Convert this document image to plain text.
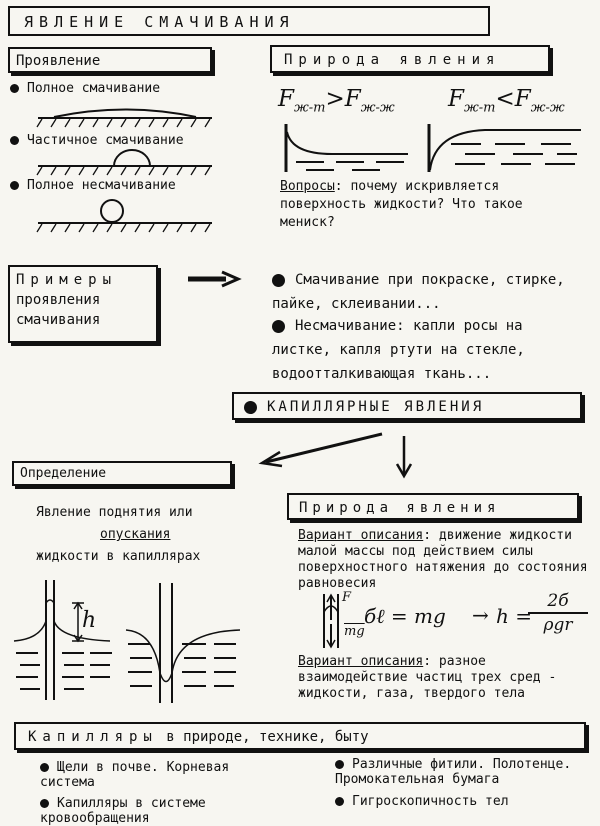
ЯВЛЕНИЕ СМАЧИВАНИЯ
Проявление
Полное смачивание
Частичное смачивание
Полное несмачивание
Природа явления
$F_{ж-т}>F_{ж-ж}$ $F_{ж-т}<F_{ж-ж}$
Вопросы: почему искривляется поверхность жидкости? Что такое мениск?
Примеры
проявления
смачивания
Смачивание при покраске, стирке, пайке, склеивании...
Несмачивание: капли росы на листке, капля ртути на стекле, водоотталкивающая ткань...
КАПИЛЛЯРНЫЕ ЯВЛЕНИЯ
Определение
Явление поднятия или
опускания
жидкости в капиллярах
h
Природа явления
Вариант описания: движение жидкости малой массы под действием силы поверхностного натяжения до состояния равновесия
F
$\overline{mg}$
бℓ = mg → h =
2б
ρgr
Вариант описания: разное взаимодействие частиц трех сред - жидкости, газа, твердого тела
Капилляры в природе, технике, быту
Щели в почве. Корневая система
Капилляры в системе кровообращения
Различные фитили. Полотенце. Промокательная бумага
Гигроскопичность тел
